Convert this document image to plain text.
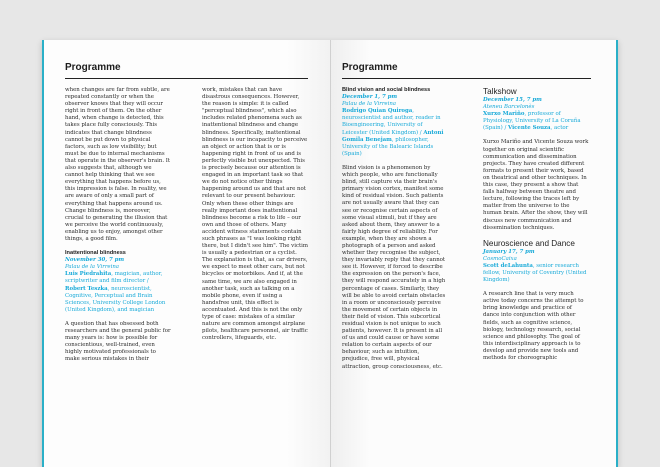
Programme

when changes are far from subtle, are repeated constantly or when the observer knows that they will occur right in front of them. On the other hand, when change is detected, this takes place fully consciously. This indicates that change blindness cannot be put down to physical factors, such as low visibility; but must be due to internal mechanisms that operate in the observer's brain. It also suggests that, although we cannot help thinking that we see everything that happens before us, this impression is false. In reality, we are aware of only a small part of everything that happens around us. Change blindness is, moreover, crucial to generating the illusion that we perceive the world continuously, enabling us to enjoy, amongst other things, a good film.

Inattentional blindness

November 30, 7 pm

Palau de la Virreina

Luis Piedrahita, magician, author, scriptwriter and film director / Robert Teszka, neuroscientist, Cognitive, Perceptual and Brain Sciences, University College London (United Kingdom), and magician

A question that has obsessed both researchers and the general public for many years is: how is possible for conscientious, well-trained, even highly motivated professionals to make serious mistakes in their

work, mistakes that can have disastrous consequences. However, the reason is simple: it is called "perceptual blindness", which also includes related phenomena such as inattentional blindness and change blindness. Specifically, inattentional blindness is our incapacity to perceive an object or action that is or is happening right in front of us and is perfectly visible but unexpected. This is precisely because our attention is engaged in an important task so that we do not notice other things happening around us and that are not relevant to our present behaviour. Only when these other things are really important does inattentional blindness become a risk to life – our own and those of others. Many accident witness statements contain such phrases as "I was looking right there, but I didn't see him". The victim is usually a pedestrian or a cyclist. The explanation is that, as car drivers, we expect to meet other cars, but not bicycles or motorbikes. And if, at the same time, we are also engaged in another task, such as talking on a mobile phone, even if using a handsfree unit, this effect is accentuated. And this is not the only type of case: mistakes of a similar nature are common amongst airplane pilots, healthcare personnel, air traffic controllers, lifeguards, etc.

Programme

Blind vision and social blindness

December 1, 7 pm

Palau de la Virreina

Rodrigo Quian Quiroga, neuroscientist and author, reader in Bioengineering, University of Leicester (United Kingdom) / Antoni Gomila Benejam, philosopher, University of the Balearic Islands (Spain)

Blind vision is a phenomenon by which people, who are functionally blind, still capture via their brain's primary vision cortex, manifest some kind of residual vision. Such patients are not usually aware that they can see or recognise certain aspects of some visual stimuli, but if they are asked about them, they answer to a fairly high degree of reliability. For example, when they are shown a photograph of a person and asked whether they recognise the subject, they invariably reply that they cannot see it. However, if forced to describe the expression on the person's face, they will respond accurately in a high percentage of cases. Similarly, they will be able to avoid certain obstacles in a room or unconsciously perceive the movement of certain objects in their field of vision. This subcortical residual vision is not unique to such patients, however. It is present in all of us and could cause or have some relation to certain aspects of our behaviour, such as intuition, prejudice, free will, physical attraction, group consciousness, etc.

Talkshow

December 15, 7 pm

Ateneu Barcelonès

Xurxo Mariño, professor of Physiology, University of La Coruña (Spain) / Vicente Souza, actor

Xurxo Mariño and Vicente Souza work together on original scientific communication and dissemination projects. They have created different formats to present their work, based on theatrical and other techniques. In this case, they present a show that falls halfway between theatre and lecture, following the traces left by matter from the universe to the human brain. After the show, they will discuss new communication and dissemination techniques.

Neuroscience and Dance

January 17, 7 pm

CosmoCaixa

Scott deLahunta, senior research fellow, University of Coventry (United Kingdom)

A research line that is very much active today concerns the attempt to bring knowledge and practice of dance into conjunction with other fields, such as cognitive science, biology, technology research, social science and philosophy. The goal of this interdisciplinary approach is to develop and provide new tools and methods for choreographic
